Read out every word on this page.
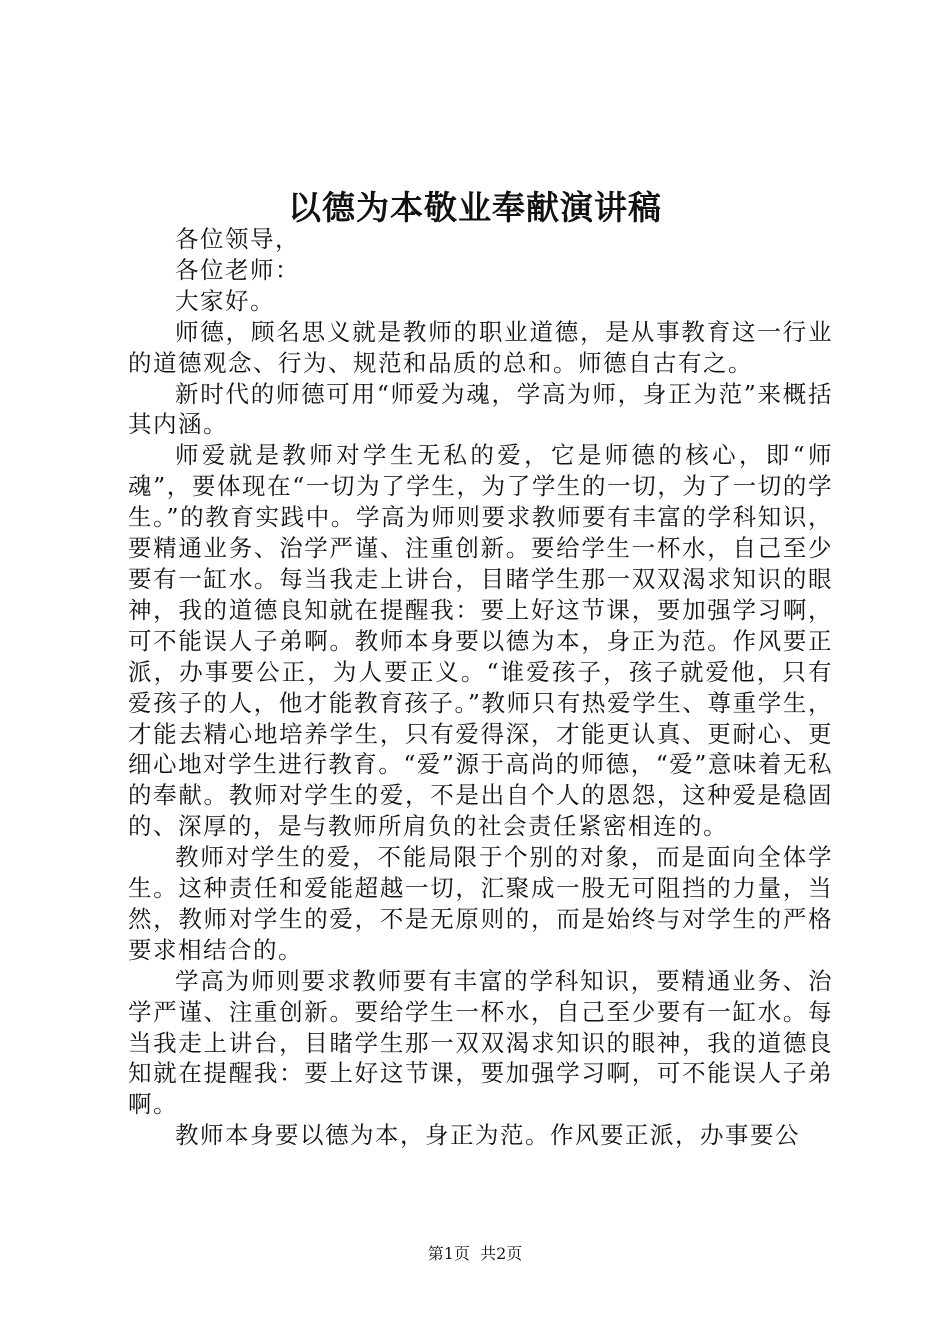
以德为本敬业奉献演讲稿

各位领导，

各位老师：

大家好。

师德，顾名思义就是教师的职业道德，是从事教育这一行业的道德观念、行为、规范和品质的总和。师德自古有之。

新时代的师德可用“师爱为魂，学高为师，身正为范”来概括其内涵。

师爱就是教师对学生无私的爱，它是师德的核心，即“师魂”，要体现在“一切为了学生，为了学生的一切，为了一切的学生。”的教育实践中。学高为师则要求教师要有丰富的学科知识，要精通业务、治学严谨、注重创新。要给学生一杯水，自己至少要有一缸水。每当我走上讲台，目睹学生那一双双渴求知识的眼神，我的道德良知就在提醒我：要上好这节课，要加强学习啊，可不能误人子弟啊。教师本身要以德为本，身正为范。作风要正派，办事要公正，为人要正义。“谁爱孩子，孩子就爱他，只有爱孩子的人，他才能教育孩子。”教师只有热爱学生、尊重学生，才能去精心地培养学生，只有爱得深，才能更认真、更耐心、更细心地对学生进行教育。“爱”源于高尚的师德，“爱”意味着无私的奉献。教师对学生的爱，不是出自个人的恩怨，这种爱是稳固的、深厚的，是与教师所肩负的社会责任紧密相连的。

教师对学生的爱，不能局限于个别的对象，而是面向全体学生。这种责任和爱能超越一切，汇聚成一股无可阻挡的力量，当然，教师对学生的爱，不是无原则的，而是始终与对学生的严格要求相结合的。

学高为师则要求教师要有丰富的学科知识，要精通业务、治学严谨、注重创新。要给学生一杯水，自己至少要有一缸水。每当我走上讲台，目睹学生那一双双渴求知识的眼神，我的道德良知就在提醒我：要上好这节课，要加强学习啊，可不能误人子弟啊。

教师本身要以德为本，身正为范。作风要正派，办事要公

第1页  共2页
